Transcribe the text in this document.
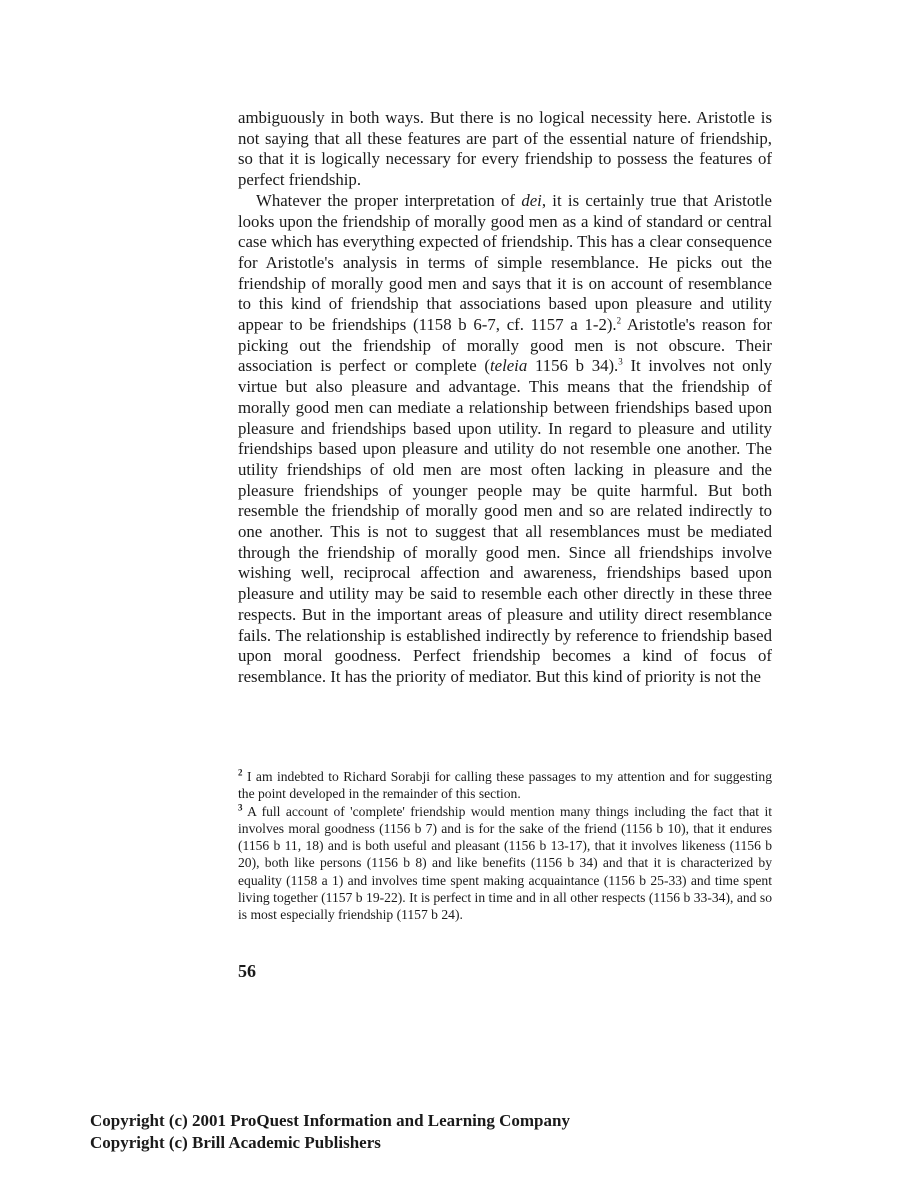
ambiguously in both ways. But there is no logical necessity here. Aristotle is not saying that all these features are part of the essential nature of friendship, so that it is logically necessary for every friendship to possess the features of perfect friendship.

Whatever the proper interpretation of dei, it is certainly true that Aristotle looks upon the friendship of morally good men as a kind of standard or central case which has everything expected of friendship. This has a clear consequence for Aristotle's analysis in terms of simple resemblance. He picks out the friendship of morally good men and says that it is on account of resemblance to this kind of friendship that associations based upon pleasure and utility appear to be friendships (1158 b 6-7, cf. 1157 a 1-2).$^2$ Aristotle's reason for picking out the friendship of morally good men is not obscure. Their association is perfect or complete (teleia 1156 b 34).$^3$ It involves not only virtue but also pleasure and advantage. This means that the friendship of morally good men can mediate a relationship between friendships based upon pleasure and friendships based upon utility. In regard to pleasure and utility friendships based upon pleasure and utility do not resemble one another. The utility friendships of old men are most often lacking in pleasure and the pleasure friendships of younger people may be quite harmful. But both resemble the friendship of morally good men and so are related indirectly to one another. This is not to suggest that all resemblances must be mediated through the friendship of morally good men. Since all friendships involve wishing well, reciprocal affection and awareness, friendships based upon pleasure and utility may be said to resemble each other directly in these three respects. But in the important areas of pleasure and utility direct resemblance fails. The relationship is established indirectly by reference to friendship based upon moral goodness. Perfect friendship becomes a kind of focus of resemblance. It has the priority of mediator. But this kind of priority is not the

$^2$ I am indebted to Richard Sorabji for calling these passages to my attention and for suggesting the point developed in the remainder of this section.

$^3$ A full account of 'complete' friendship would mention many things including the fact that it involves moral goodness (1156 b 7) and is for the sake of the friend (1156 b 10), that it endures (1156 b 11, 18) and is both useful and pleasant (1156 b 13-17), that it involves likeness (1156 b 20), both like persons (1156 b 8) and like benefits (1156 b 34) and that it is characterized by equality (1158 a 1) and involves time spent making acquaintance (1156 b 25-33) and time spent living together (1157 b 19-22). It is perfect in time and in all other respects (1156 b 33-34), and so is most especially friendship (1157 b 24).

56
Copyright (c) 2001 ProQuest Information and Learning Company
Copyright (c) Brill Academic Publishers
